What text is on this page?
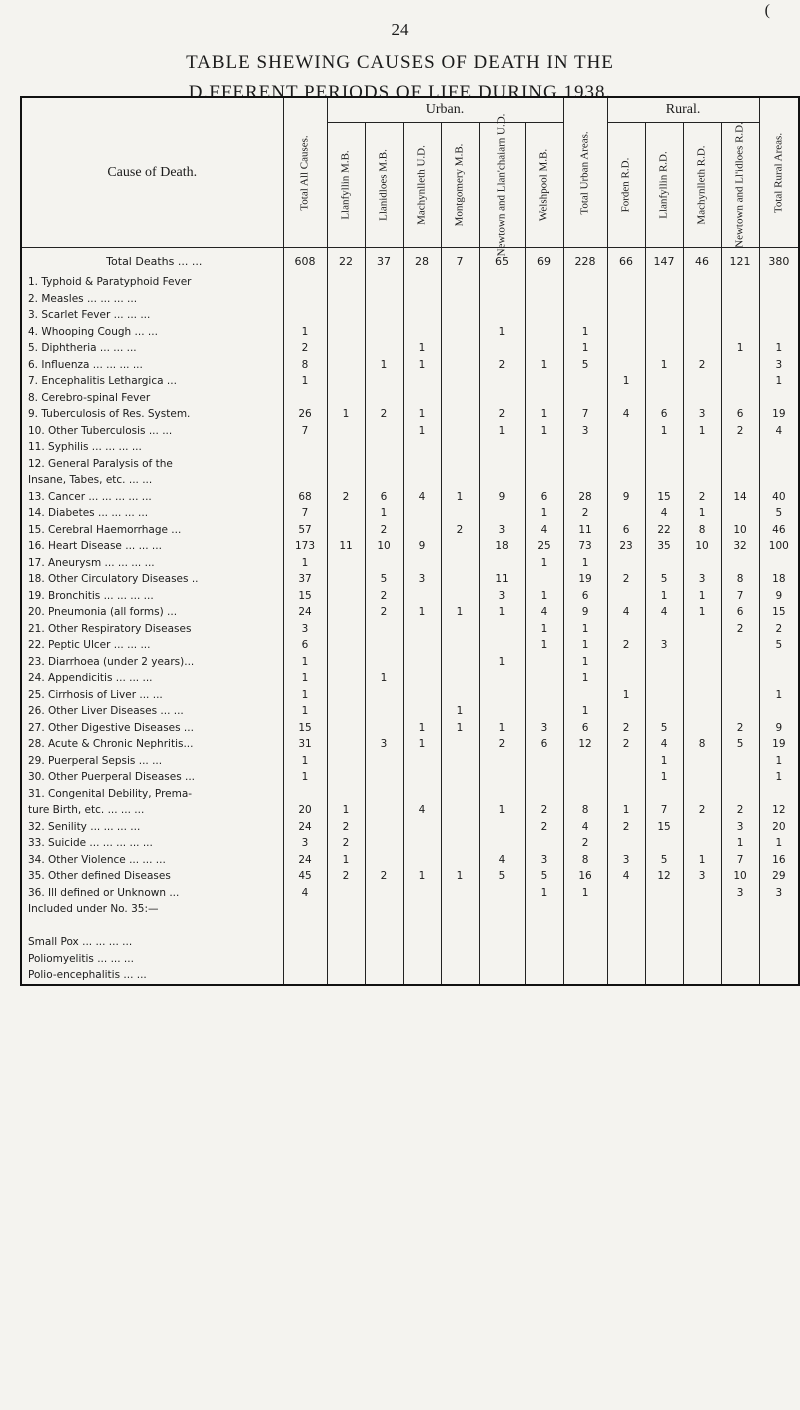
(
24
TABLE SHEWING CAUSES OF DEATH IN THE
D.FFERENT PERIODS OF LIFE DURING 1938.
Cause of Death.	Total All Causes.	Urban.						Total Urban Areas.	Rural.				Total Rural Areas.

		Llanfyllin M.B.	Llanidloes M.B.	Machynlleth U.D.	Montgomery M.B.	Newtown and Llan'chaiarn U.D.	Welshpool M.B.		Forden R.D.	Llanfyllin R.D.	Machynlleth R.D.	Newtown and Ll'idloes R.D.	

Total Deaths ... ...	608	22	37	28	7	65	69	228	66	147	46	121	380
1. Typhoid & Paratyphoid Fever													
2. Measles ... ... ... ...													
3. Scarlet Fever ... ... ...													
4. Whooping Cough ... ...	1					1		1					
5. Diphtheria ... ... ...	2			1				1				1	1
6. Influenza ... ... ... ...	8		1	1		2	1	5		1	2		3
7. Encephalitis Lethargica ...	1								1				1
8. Cerebro-spinal Fever													
9. Tuberculosis of Res. System.	26	1	2	1		2	1	7	4	6	3	6	19
10. Other Tuberculosis ... ...	7			1		1	1	3		1	1	2	4
11. Syphilis ... ... ... ...													
12. General Paralysis of the													
Insane, Tabes, etc. ... ...													
13. Cancer ... ... ... ... ...	68	2	6	4	1	9	6	28	9	15	2	14	40
14. Diabetes ... ... ... ...	7		1				1	2		4	1		5
15. Cerebral Haemorrhage ...	57		2		2	3	4	11	6	22	8	10	46
16. Heart Disease ... ... ...	173	11	10	9		18	25	73	23	35	10	32	100
17. Aneurysm ... ... ... ...	1						1	1					
18. Other Circulatory Diseases ..	37		5	3		11		19	2	5	3	8	18
19. Bronchitis ... ... ... ...	15		2			3	1	6		1	1	7	9
20. Pneumonia (all forms) ...	24		2	1	1	1	4	9	4	4	1	6	15
21. Other Respiratory Diseases	3						1	1				2	2
22. Peptic Ulcer ... ... ...	6						1	1	2	3			5
23. Diarrhoea (under 2 years)...	1					1		1					
24. Appendicitis ... ... ...	1		1					1					
25. Cirrhosis of Liver ... ...	1								1				1
26. Other Liver Diseases ... ...	1				1			1					
27. Other Digestive Diseases ...	15			1	1	1	3	6	2	5		2	9
28. Acute & Chronic Nephritis...	31		3	1		2	6	12	2	4	8	5	19
29. Puerperal Sepsis ... ...	1									1			1
30. Other Puerperal Diseases ...	1									1			1
31. Congenital Debility, Prema-													
ture Birth, etc. ... ... ...	20	1		4		1	2	8	1	7	2	2	12
32. Senility ... ... ... ...	24	2					2	4	2	15		3	20
33. Suicide ... ... ... ... ...	3	2						2				1	1
34. Other Violence ... ... ...	24	1				4	3	8	3	5	1	7	16
35. Other defined Diseases	45	2	2	1	1	5	5	16	4	12	3	10	29
36. Ill defined or Unknown ...	4						1	1				3	3
Included under No. 35:—													

Small Pox ... ... ... ...													
Poliomyelitis ... ... ...													
Polio-encephalitis ... ...													
